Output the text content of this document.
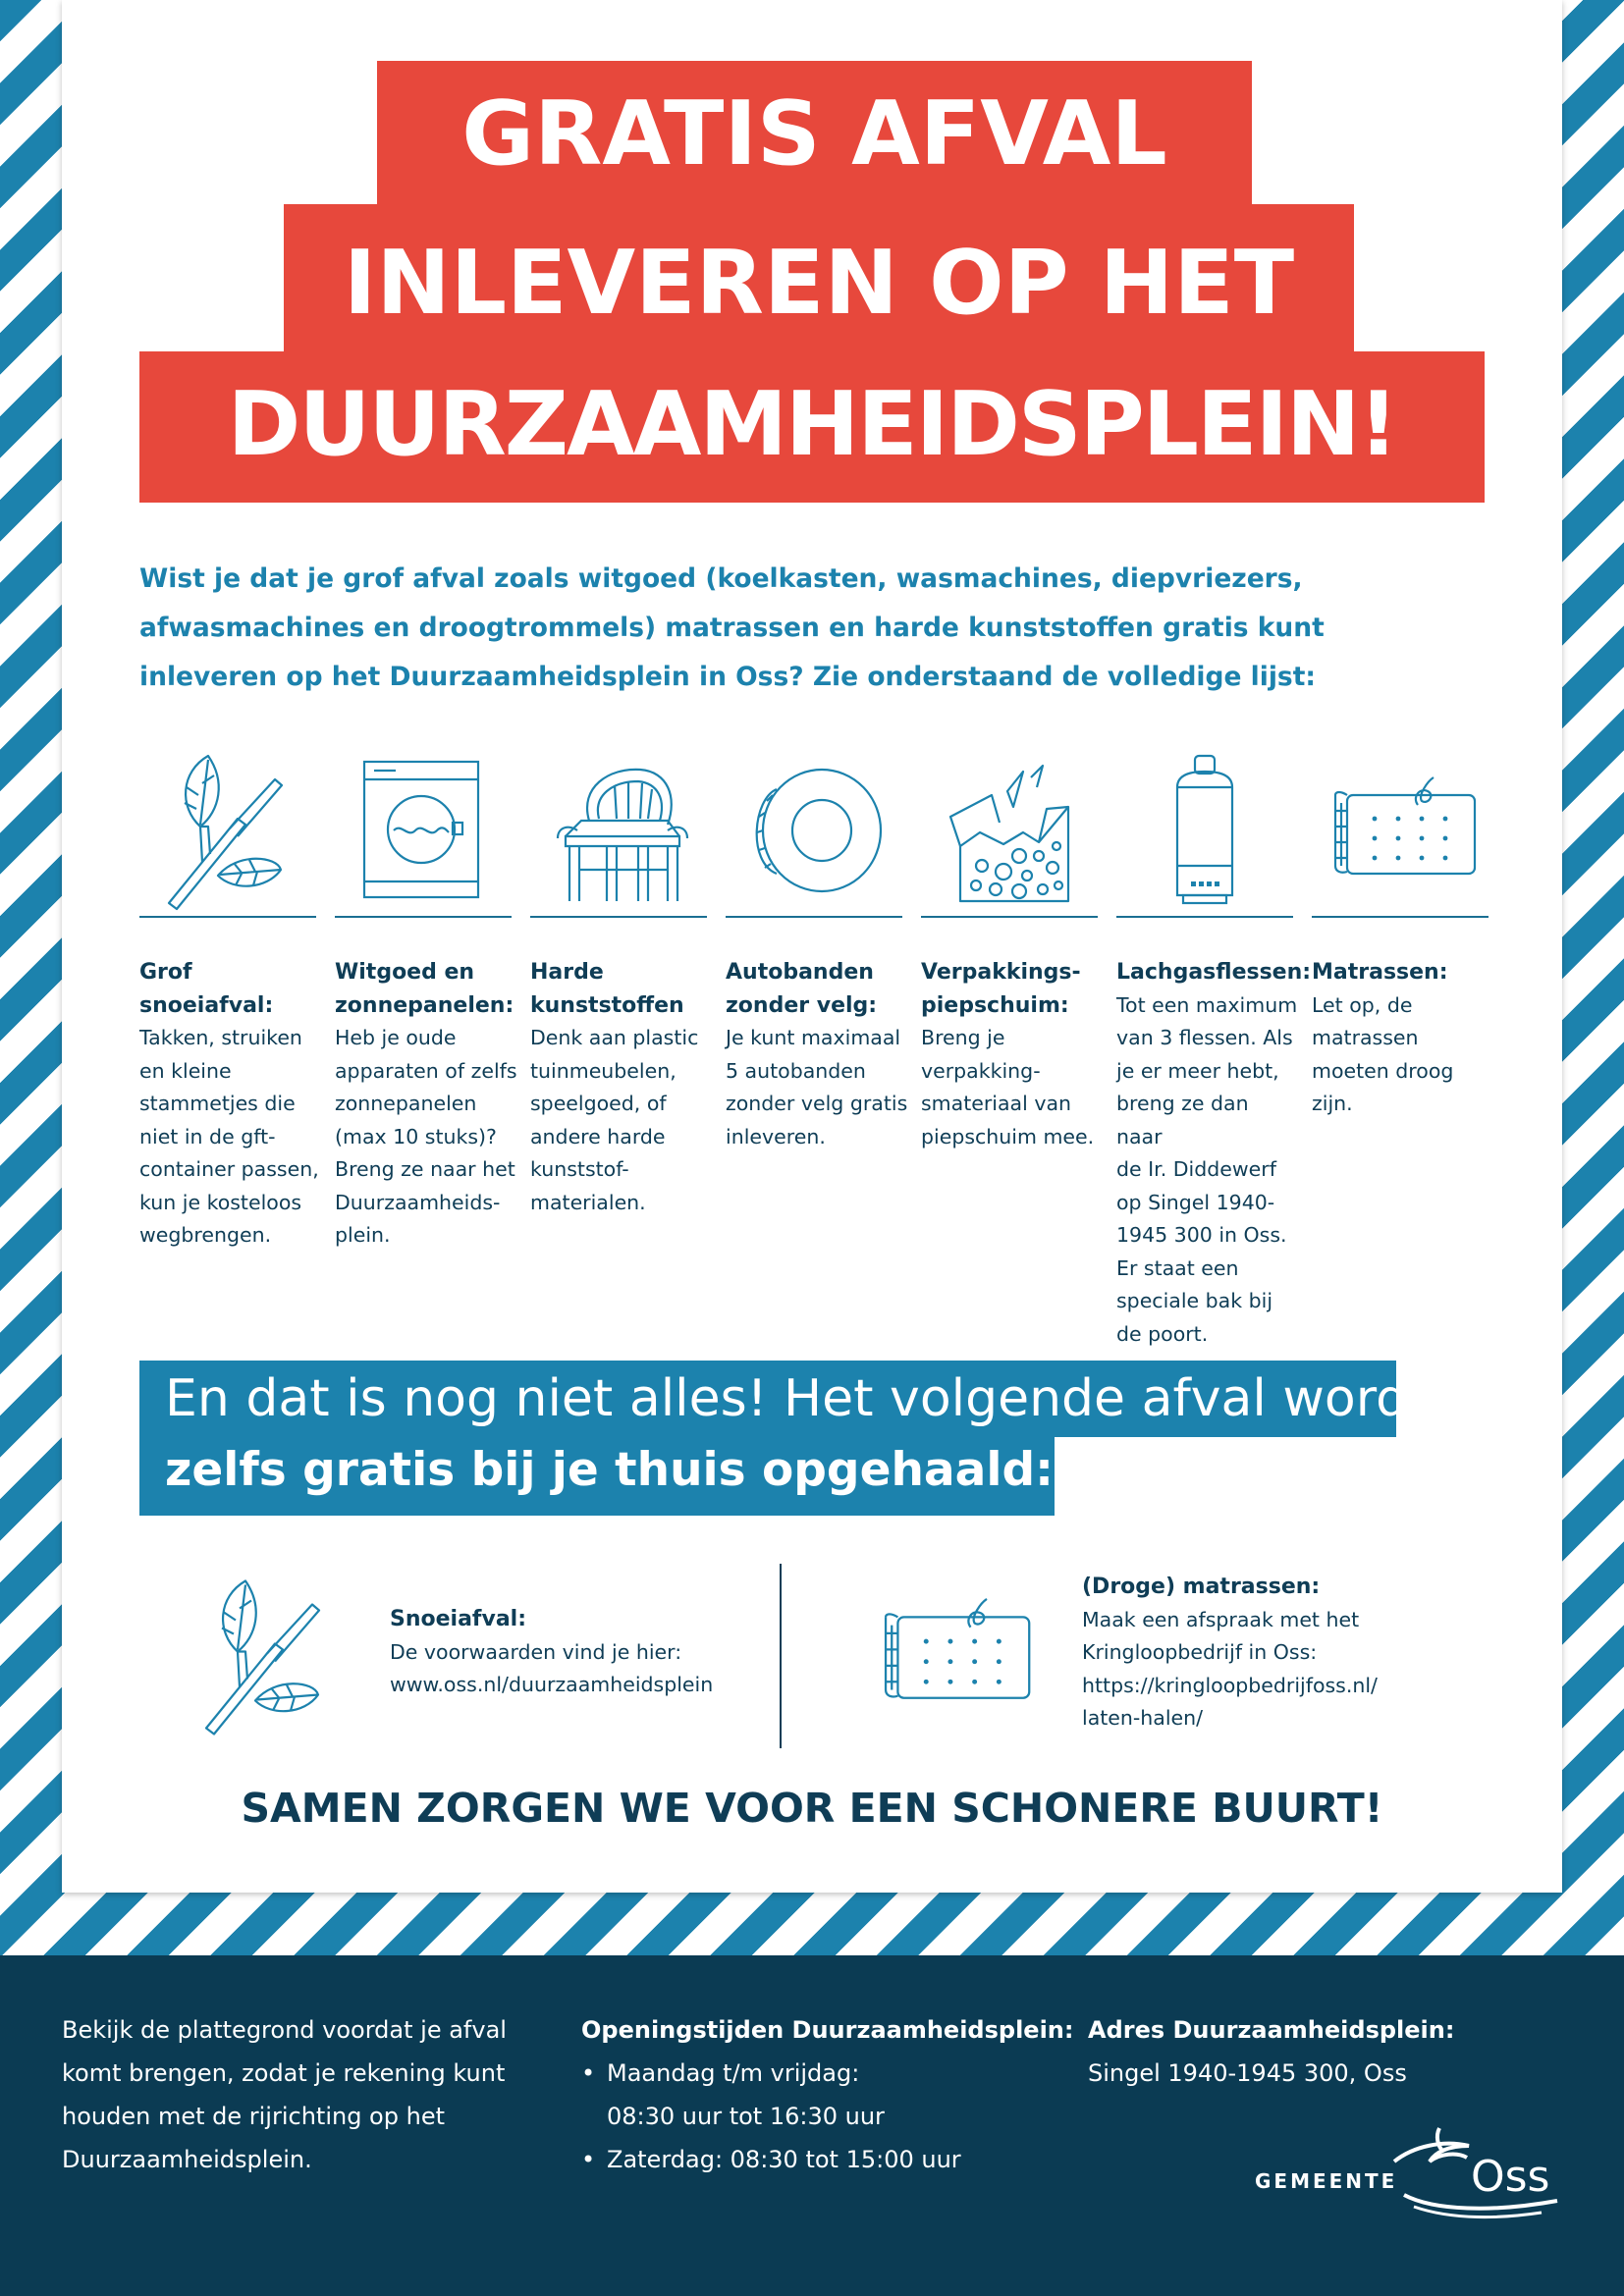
GRATIS AFVAL
INLEVEREN OP HET
DUURZAAMHEIDSPLEIN!
Wist je dat je grof afval zoals witgoed (koelkasten, wasmachines, diepvriezers,
afwasmachines en droogtrommels) matrassen en harde kunststoffen gratis kunt
inleveren op het Duurzaamheidsplein in Oss? Zie onderstaand de volledige lijst:
Grof snoeiafval:
Takken, struiken
en kleine
stammetjes die
niet in de gft-
container passen,
kun je kosteloos
wegbrengen.
Witgoed en
zonnepanelen:
Heb je oude
apparaten of zelfs
zonnepanelen
(max 10 stuks)?
Breng ze naar het
Duurzaamheids-
plein.
Harde
kunststoffen
Denk aan plastic
tuinmeubelen,
speelgoed, of
andere harde
kunststof-
materialen.
Autobanden
zonder velg:
Je kunt maximaal
5 autobanden
zonder velg gratis
inleveren.
Verpakkings-
piepschuim:
Breng je
verpakking-
smateriaal van
piepschuim mee.
Lachgasflessen:
Tot een maximum
van 3 flessen. Als
je er meer hebt,
breng ze dan naar
de Ir. Diddewerf
op Singel 1940-
1945 300 in Oss.
Er staat een
speciale bak bij
de poort.
Matrassen:
Let op, de
matrassen
moeten droog
zijn.
En dat is nog niet alles! Het volgende afval wordt
zelfs gratis bij je thuis opgehaald:
Snoeiafval:
De voorwaarden vind je hier:
www.oss.nl/duurzaamheidsplein
(Droge) matrassen:
Maak een afspraak met het
Kringloopbedrijf in Oss:
https://kringloopbedrijfoss.nl/
laten-halen/
SAMEN ZORGEN WE VOOR EEN SCHONERE BUURT!
Bekijk de plattegrond voordat je afval
komt brengen, zodat je rekening kunt
houden met de rijrichting op het
Duurzaamheidsplein.
Openingstijden Duurzaamheidsplein:
• Maandag t/m vrijdag:
08:30 uur tot 16:30 uur
• Zaterdag: 08:30 tot 15:00 uur
Adres Duurzaamheidsplein:
Singel 1940-1945 300, Oss
GEMEENTE Oss
